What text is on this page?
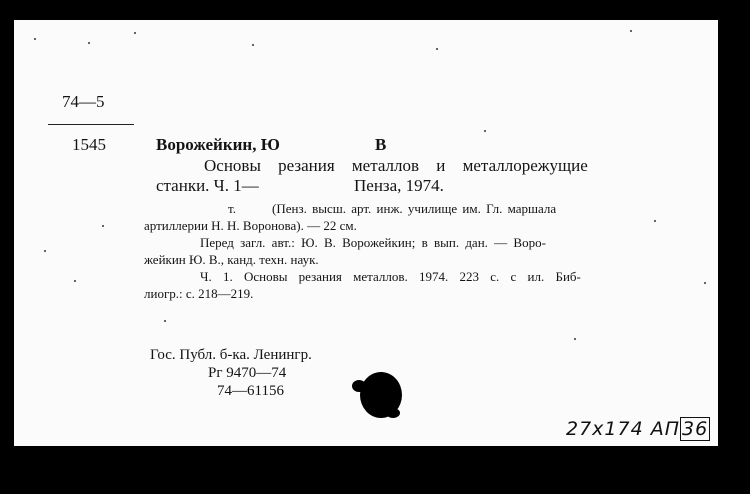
74—5
1545	Ворожейкин, Ю	В
Основы резания металлов и металлорежущие
станки. Ч. 1—	Пенза, 1974.
т.	(Пенз. высш. арт. инж. училище им. Гл. маршала
артиллерии Н. Н. Воронова). — 22 см.
Перед загл. авт.: Ю. В. Ворожейкин; в вып. дан. — Воро-
жейкин Ю. В., канд. техн. наук.
Ч. 1. Основы резания металлов. 1974. 223 с. с ил. Биб-
лиогр.: с. 218—219.
Гос. Публ. б-ка. Ленингр.
Рг 9470—74
74—61156
27x174 АП 36
